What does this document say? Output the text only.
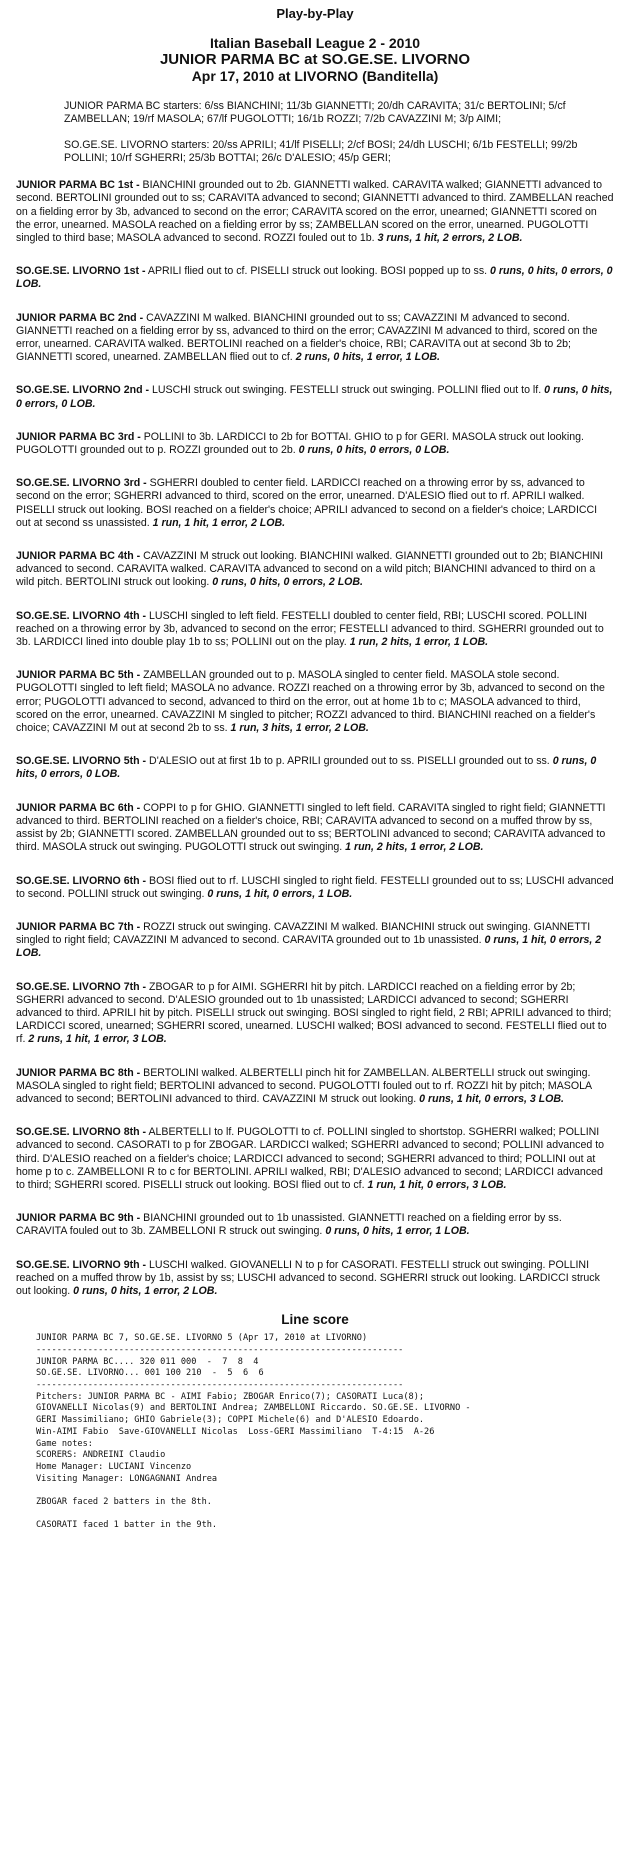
Play-by-Play
Italian Baseball League 2 - 2010
JUNIOR PARMA BC at SO.GE.SE. LIVORNO
Apr 17, 2010 at LIVORNO (Banditella)
JUNIOR PARMA BC starters: 6/ss BIANCHINI; 11/3b GIANNETTI; 20/dh CARAVITA; 31/c BERTOLINI; 5/cf ZAMBELLAN; 19/rf MASOLA; 67/lf PUGOLOTTI; 16/1b ROZZI; 7/2b CAVAZZINI M; 3/p AIMI;
SO.GE.SE. LIVORNO starters: 20/ss APRILI; 41/lf PISELLI; 2/cf BOSI; 24/dh LUSCHI; 6/1b FESTELLI; 99/2b POLLINI; 10/rf SGHERRI; 25/3b BOTTAI; 26/c D'ALESIO; 45/p GERI;
JUNIOR PARMA BC 1st - BIANCHINI grounded out to 2b. GIANNETTI walked. CARAVITA walked; GIANNETTI advanced to second. BERTOLINI grounded out to ss; CARAVITA advanced to second; GIANNETTI advanced to third. ZAMBELLAN reached on a fielding error by 3b, advanced to second on the error; CARAVITA scored on the error, unearned; GIANNETTI scored on the error, unearned. MASOLA reached on a fielding error by ss; ZAMBELLAN scored on the error, unearned. PUGOLOTTI singled to third base; MASOLA advanced to second. ROZZI fouled out to 1b. 3 runs, 1 hit, 2 errors, 2 LOB.
SO.GE.SE. LIVORNO 1st - APRILI flied out to cf. PISELLI struck out looking. BOSI popped up to ss. 0 runs, 0 hits, 0 errors, 0 LOB.
JUNIOR PARMA BC 2nd - CAVAZZINI M walked. BIANCHINI grounded out to ss; CAVAZZINI M advanced to second. GIANNETTI reached on a fielding error by ss, advanced to third on the error; CAVAZZINI M advanced to third, scored on the error, unearned. CARAVITA walked. BERTOLINI reached on a fielder's choice, RBI; CARAVITA out at second 3b to 2b; GIANNETTI scored, unearned. ZAMBELLAN flied out to cf. 2 runs, 0 hits, 1 error, 1 LOB.
SO.GE.SE. LIVORNO 2nd - LUSCHI struck out swinging. FESTELLI struck out swinging. POLLINI flied out to lf. 0 runs, 0 hits, 0 errors, 0 LOB.
JUNIOR PARMA BC 3rd - POLLINI to 3b. LARDICCI to 2b for BOTTAI. GHIO to p for GERI. MASOLA struck out looking. PUGOLOTTI grounded out to p. ROZZI grounded out to 2b. 0 runs, 0 hits, 0 errors, 0 LOB.
SO.GE.SE. LIVORNO 3rd - SGHERRI doubled to center field. LARDICCI reached on a throwing error by ss, advanced to second on the error; SGHERRI advanced to third, scored on the error, unearned. D'ALESIO flied out to rf. APRILI walked. PISELLI struck out looking. BOSI reached on a fielder's choice; APRILI advanced to second on a fielder's choice; LARDICCI out at second ss unassisted. 1 run, 1 hit, 1 error, 2 LOB.
JUNIOR PARMA BC 4th - CAVAZZINI M struck out looking. BIANCHINI walked. GIANNETTI grounded out to 2b; BIANCHINI advanced to second. CARAVITA walked. CARAVITA advanced to second on a wild pitch; BIANCHINI advanced to third on a wild pitch. BERTOLINI struck out looking. 0 runs, 0 hits, 0 errors, 2 LOB.
SO.GE.SE. LIVORNO 4th - LUSCHI singled to left field. FESTELLI doubled to center field, RBI; LUSCHI scored. POLLINI reached on a throwing error by 3b, advanced to second on the error; FESTELLI advanced to third. SGHERRI grounded out to 3b. LARDICCI lined into double play 1b to ss; POLLINI out on the play. 1 run, 2 hits, 1 error, 1 LOB.
JUNIOR PARMA BC 5th - ZAMBELLAN grounded out to p. MASOLA singled to center field. MASOLA stole second. PUGOLOTTI singled to left field; MASOLA no advance. ROZZI reached on a throwing error by 3b, advanced to second on the error; PUGOLOTTI advanced to second, advanced to third on the error, out at home 1b to c; MASOLA advanced to third, scored on the error, unearned. CAVAZZINI M singled to pitcher; ROZZI advanced to third. BIANCHINI reached on a fielder's choice; CAVAZZINI M out at second 2b to ss. 1 run, 3 hits, 1 error, 2 LOB.
SO.GE.SE. LIVORNO 5th - D'ALESIO out at first 1b to p. APRILI grounded out to ss. PISELLI grounded out to ss. 0 runs, 0 hits, 0 errors, 0 LOB.
JUNIOR PARMA BC 6th - COPPI to p for GHIO. GIANNETTI singled to left field. CARAVITA singled to right field; GIANNETTI advanced to third. BERTOLINI reached on a fielder's choice, RBI; CARAVITA advanced to second on a muffed throw by ss, assist by 2b; GIANNETTI scored. ZAMBELLAN grounded out to ss; BERTOLINI advanced to second; CARAVITA advanced to third. MASOLA struck out swinging. PUGOLOTTI struck out swinging. 1 run, 2 hits, 1 error, 2 LOB.
SO.GE.SE. LIVORNO 6th - BOSI flied out to rf. LUSCHI singled to right field. FESTELLI grounded out to ss; LUSCHI advanced to second. POLLINI struck out swinging. 0 runs, 1 hit, 0 errors, 1 LOB.
JUNIOR PARMA BC 7th - ROZZI struck out swinging. CAVAZZINI M walked. BIANCHINI struck out swinging. GIANNETTI singled to right field; CAVAZZINI M advanced to second. CARAVITA grounded out to 1b unassisted. 0 runs, 1 hit, 0 errors, 2 LOB.
SO.GE.SE. LIVORNO 7th - ZBOGAR to p for AIMI. SGHERRI hit by pitch. LARDICCI reached on a fielding error by 2b; SGHERRI advanced to second. D'ALESIO grounded out to 1b unassisted; LARDICCI advanced to second; SGHERRI advanced to third. APRILI hit by pitch. PISELLI struck out swinging. BOSI singled to right field, 2 RBI; APRILI advanced to third; LARDICCI scored, unearned; SGHERRI scored, unearned. LUSCHI walked; BOSI advanced to second. FESTELLI flied out to rf. 2 runs, 1 hit, 1 error, 3 LOB.
JUNIOR PARMA BC 8th - BERTOLINI walked. ALBERTELLI pinch hit for ZAMBELLAN. ALBERTELLI struck out swinging. MASOLA singled to right field; BERTOLINI advanced to second. PUGOLOTTI fouled out to rf. ROZZI hit by pitch; MASOLA advanced to second; BERTOLINI advanced to third. CAVAZZINI M struck out looking. 0 runs, 1 hit, 0 errors, 3 LOB.
SO.GE.SE. LIVORNO 8th - ALBERTELLI to lf. PUGOLOTTI to cf. POLLINI singled to shortstop. SGHERRI walked; POLLINI advanced to second. CASORATI to p for ZBOGAR. LARDICCI walked; SGHERRI advanced to second; POLLINI advanced to third. D'ALESIO reached on a fielder's choice; LARDICCI advanced to second; SGHERRI advanced to third; POLLINI out at home p to c. ZAMBELLONI R to c for BERTOLINI. APRILI walked, RBI; D'ALESIO advanced to second; LARDICCI advanced to third; SGHERRI scored. PISELLI struck out looking. BOSI flied out to cf. 1 run, 1 hit, 0 errors, 3 LOB.
JUNIOR PARMA BC 9th - BIANCHINI grounded out to 1b unassisted. GIANNETTI reached on a fielding error by ss. CARAVITA fouled out to 3b. ZAMBELLONI R struck out swinging. 0 runs, 0 hits, 1 error, 1 LOB.
SO.GE.SE. LIVORNO 9th - LUSCHI walked. GIOVANELLI N to p for CASORATI. FESTELLI struck out swinging. POLLINI reached on a muffed throw by 1b, assist by ss; LUSCHI advanced to second. SGHERRI struck out looking. LARDICCI struck out looking. 0 runs, 0 hits, 1 error, 2 LOB.
Line score
JUNIOR PARMA BC 7, SO.GE.SE. LIVORNO 5 (Apr 17, 2010 at LIVORNO)
-----------------------------------------------------------------------
JUNIOR PARMA BC.... 320 011 000  -  7  8  4
SO.GE.SE. LIVORNO... 001 100 210  -  5  6  6
-----------------------------------------------------------------------
Pitchers: JUNIOR PARMA BC - AIMI Fabio; ZBOGAR Enrico(7); CASORATI Luca(8);
GIOVANELLI Nicolas(9) and BERTOLINI Andrea; ZAMBELLONI Riccardo. SO.GE.SE. LIVORNO -
GERI Massimiliano; GHIO Gabriele(3); COPPI Michele(6) and D'ALESIO Edoardo.
Win-AIMI Fabio  Save-GIOVANELLI Nicolas  Loss-GERI Massimiliano  T-4:15  A-26
Game notes:
SCORERS: ANDREINI Claudio
Home Manager: LUCIANI Vincenzo
Visiting Manager: LONGAGNANI Andrea
ZBOGAR faced 2 batters in the 8th.
CASORATI faced 1 batter in the 9th.
